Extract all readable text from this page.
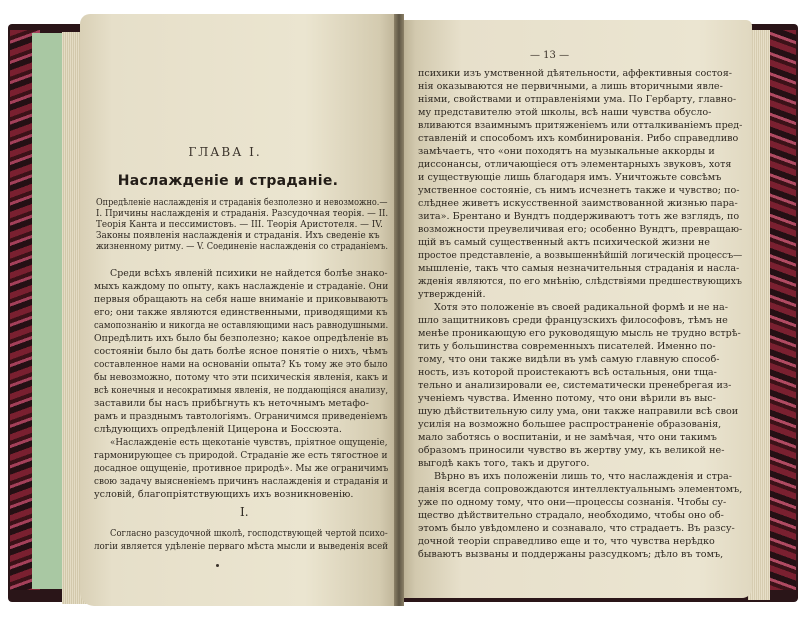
ГЛАВА I.
Наслажденіе и страданіе.
Опредѣленіе наслажденія и страданія безполезно и невозможно.—
I. Причины наслажденія и страданія. Разсудочная теорія. — II.
Теорія Канта и пессимистовъ. — III. Теорія Аристотеля. — IV.
Законы появленія наслажденія и страданія. Ихъ сведеніе къ
жизненному ритму. — V. Соединеніе наслажденія со страданіемъ.
Среди всѣхъ явленій психики не найдется болѣе знако-
мыхъ каждому по опыту, какъ наслажденіе и страданіе. Они
первыя обращають на себя наше вниманіе и приковываютъ
его; они также являются единственными, приводящими къ
самопознанію и никогда не оставляющими насъ равнодушными.
Опредѣлить ихъ было бы безполезно; какое опредѣленіе въ
состояніи было бы дать болѣе ясное понятіе о нихъ, чѣмъ
составленное нами на основаніи опыта? Къ тому же это было
бы невозможно, потому что эти психическія явленія, какъ и
всѣ конечныя и несократимыя явленія, не поддающіяся анализу,
заставили бы насъ прибѣгнуть къ неточнымъ метафо-
рамъ и празднымъ тавтологіямъ. Ограничимся приведеніемъ
слѣдующихъ опредѣленій Цицерона и Боссюэта.
«Наслажденіе есть щекотаніе чувствъ, пріятное ощущеніе,
гармонирующее съ природой. Страданіе же есть тягостное и
досадное ощущеніе, противное природѣ». Мы же ограничимъ
свою задачу выясненіемъ причинъ наслажденія и страданія и
условій, благопріятствующихъ ихъ возникновенію.
I.
Согласно разсудочной школѣ, господствующей чертой психо-
логіи является удѣленіе перваго мѣста мысли и выведенія всей
— 13 —
психики изъ умственной дѣятельности, аффективныя состоя-
нія оказываются не первичными, а лишь вторичными явле-
ніями, свойствами и отправленіями ума. По Гербарту, главно-
му представителю этой школы, всѣ наши чувства обусло-
вливаются взаимнымъ притяженіемъ или отталкиваніемъ пред-
ставленій и способомъ ихъ комбинированія. Рибо справедливо
замѣчаетъ, что «они походятъ на музыкальные аккорды и
диссонансы, отличающіеся отъ элементарныхъ звуковъ, хотя
и существующіе лишь благодаря имъ. Уничтожьте совсѣмъ
умственное состояніе, съ нимъ исчезнетъ также и чувство; по-
слѣднее живетъ искусственной заимствованной жизнью пара-
зита». Брентано и Вундтъ поддерживаютъ тотъ же взглядъ, по
возможности преувеличивая его; особенно Вундтъ, превращаю-
щій въ самый существенный актъ психической жизни не
простое представленіе, а возвышеннѣйшій логическій процессъ—
мышленіе, такъ что самыя незначительныя страданія и насла-
жденія являются, по его мнѣнію, слѣдствіями предшествующихъ
утвержденій.
Хотя это положеніе въ своей радикальной формѣ и не на-
шло защитниковъ среди французскихъ философовъ, тѣмъ не
менѣе проникающую его руководящую мысль не трудно встрѣ-
тить у большинства современныхъ писателей. Именно по-
тому, что они также видѣли въ умѣ самую главную способ-
ность, изъ которой проистекаютъ всѣ остальныя, они тща-
тельно и анализировали ее, систематически пренебрегая из-
ученіемъ чувства. Именно потому, что они вѣрили въ выс-
шую дѣйствительную силу ума, они также направили всѣ свои
усилія на возможно большее распространеніе образованія,
мало заботясь о воспитаніи, и не замѣчая, что они такимъ
образомъ приносили чувство въ жертву уму, къ великой не-
выгодѣ какъ того, такъ и другого.
Вѣрно въ ихъ положеніи лишь то, что наслажденія и стра-
данія всегда сопровождаются интеллектуальнымъ элементомъ,
уже по одному тому, что они—процессы сознанія. Чтобы су-
щество дѣйствительно страдало, необходимо, чтобы оно об-
этомъ было увѣдомлено и сознавало, что страдаетъ. Въ разсу-
дочной теоріи справедливо еще и то, что чувства нерѣдко
бываютъ вызваны и поддержаны разсудкомъ; дѣло въ томъ,
